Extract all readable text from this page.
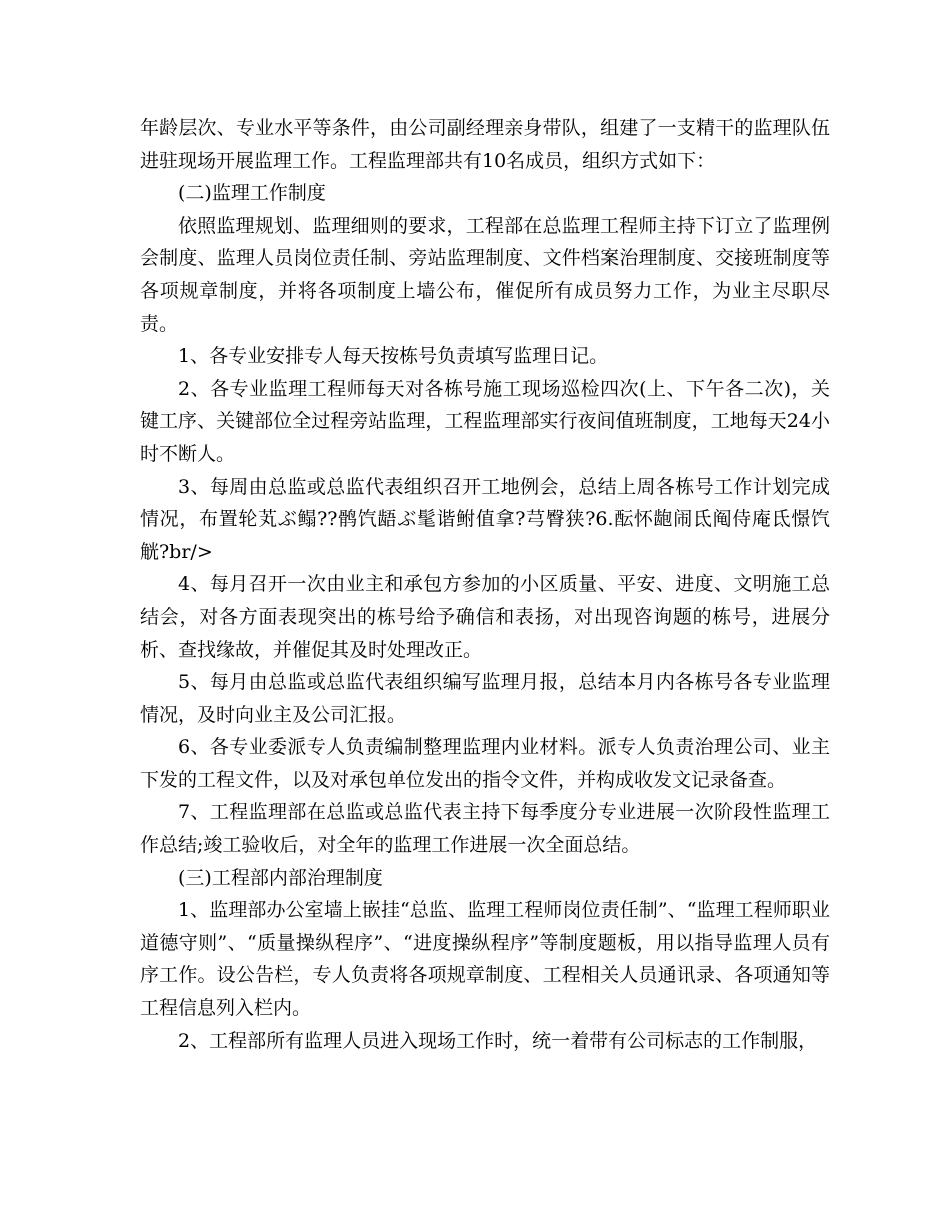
年龄层次、专业水平等条件，由公司副经理亲身带队，组建了一支精干的监理队伍进驻现场开展监理工作。工程监理部共有10名成员，组织方式如下：

(二)监理工作制度

依照监理规划、监理细则的要求，工程部在总监理工程师主持下订立了监理例会制度、监理人员岗位责任制、旁站监理制度、文件档案治理制度、交接班制度等各项规章制度，并将各项制度上墙公布，催促所有成员努力工作，为业主尽职尽责。

1、各专业安排专人每天按栋号负责填写监理日记。

2、各专业监理工程师每天对各栋号施工现场巡检四次(上、下午各二次)，关键工序、关键部位全过程旁站监理，工程监理部实行夜间值班制度，工地每天24小时不断人。

3、每周由总监或总监代表组织召开工地例会，总结上周各栋号工作计划完成情况，布置轮芄ぶ鳎??鹘饩龉ぶ髦谐鲋值拿?芎臀狭?6.酝怀龅闹氐阄侍庵氐憬饩觥?br/>

4、每月召开一次由业主和承包方参加的小区质量、平安、进度、文明施工总结会，对各方面表现突出的栋号给予确信和表扬，对出现咨询题的栋号，进展分析、查找缘故，并催促其及时处理改正。

5、每月由总监或总监代表组织编写监理月报，总结本月内各栋号各专业监理情况，及时向业主及公司汇报。

6、各专业委派专人负责编制整理监理内业材料。派专人负责治理公司、业主下发的工程文件，以及对承包单位发出的指令文件，并构成收发文记录备查。

7、工程监理部在总监或总监代表主持下每季度分专业进展一次阶段性监理工作总结;竣工验收后，对全年的监理工作进展一次全面总结。

(三)工程部内部治理制度

1、监理部办公室墙上嵌挂“总监、监理工程师岗位责任制”、“监理工程师职业道德守则”、“质量操纵程序”、“进度操纵程序”等制度题板，用以指导监理人员有序工作。设公告栏，专人负责将各项规章制度、工程相关人员通讯录、各项通知等工程信息列入栏内。

2、工程部所有监理人员进入现场工作时，统一着带有公司标志的工作制服，
